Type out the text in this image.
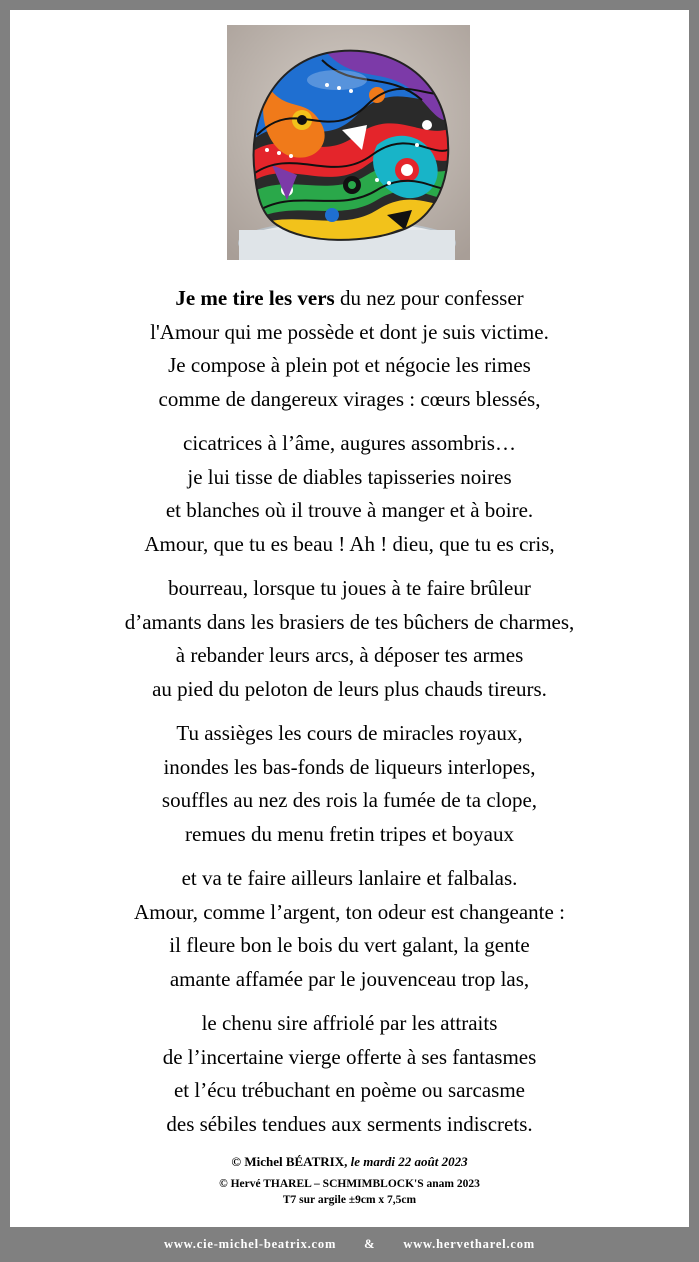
Je me tire les vers du nez pour confesser
l'Amour qui me possède et dont je suis victime.
Je compose à plein pot et négocie les rimes
comme de dangereux virages : cœurs blessés,
cicatrices à l’âme, augures assombris…
je lui tisse de diables tapisseries noires
et blanches où il trouve à manger et à boire.
Amour, que tu es beau ! Ah ! dieu, que tu es cris,
bourreau, lorsque tu joues à te faire brûleur
d’amants dans les brasiers de tes bûchers de charmes,
à rebander leurs arcs, à déposer tes armes
au pied du peloton de leurs plus chauds tireurs.
Tu assièges les cours de miracles royaux,
inondes les bas-fonds de liqueurs interlopes,
souffles au nez des rois la fumée de ta clope,
remues du menu fretin tripes et boyaux
et va te faire ailleurs lanlaire et falbalas.
Amour, comme l’argent, ton odeur est changeante :
il fleure bon le bois du vert galant, la gente
amante affamée par le jouvenceau trop las,
le chenu sire affriolé par les attraits
de l’incertaine vierge offerte à ses fantasmes
et l’écu trébuchant en poème ou sarcasme
des sébiles tendues aux serments indiscrets.
© Michel BÉATRIX, le mardi 22 août 2023
© Hervé THAREL – SCHMIMBLOCK'S anam 2023
T7 sur argile ±9cm x 7,5cm
www.cie-michel-beatrix.com & www.hervetharel.com
